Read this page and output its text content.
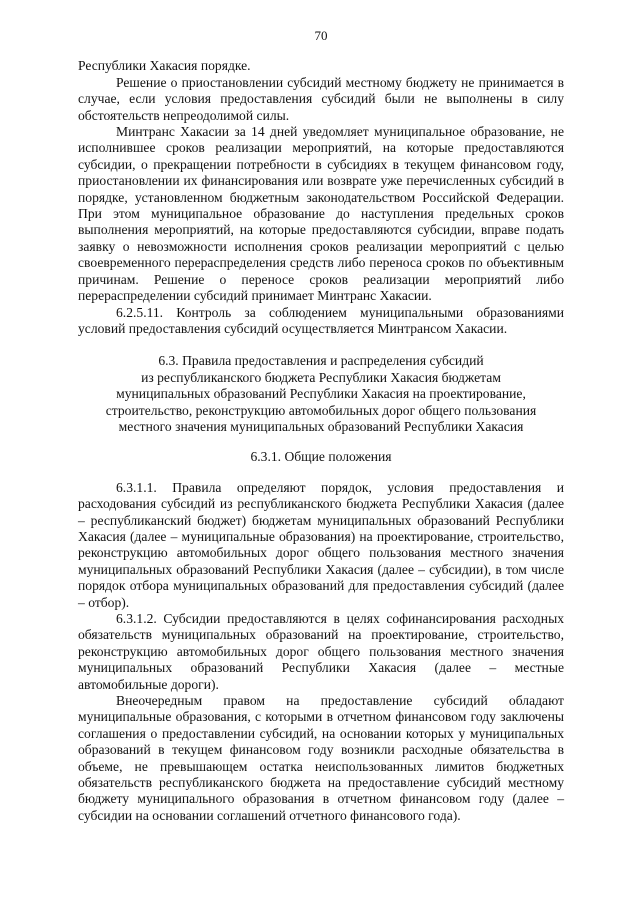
70

Республики Хакасия порядке.

Решение о приостановлении субсидий местному бюджету не принимается в случае, если условия предоставления субсидий были не выполнены в силу обстоятельств непреодолимой силы.

Минтранс Хакасии за 14 дней уведомляет муниципальное образование, не исполнившее сроков реализации мероприятий, на которые предоставляются субсидии, о прекращении потребности в субсидиях в текущем финансовом году, приостановлении их финансирования или возврате уже перечисленных субсидий в порядке, установленном бюджетным законодательством Российской Федерации. При этом муниципальное образование до наступления предельных сроков выполнения мероприятий, на которые предоставляются субсидии, вправе подать заявку о невозможности исполнения сроков реализации мероприятий с целью своевременного перераспределения средств либо переноса сроков по объективным причинам. Решение о переносе сроков реализации мероприятий либо перераспределении субсидий принимает Минтранс Хакасии.

6.2.5.11. Контроль за соблюдением муниципальными образованиями условий предоставления субсидий осуществляется Минтрансом Хакасии.

6.3. Правила предоставления и распределения субсидий
из республиканского бюджета Республики Хакасия бюджетам
муниципальных образований Республики Хакасия на проектирование,
строительство, реконструкцию автомобильных дорог общего пользования
местного значения муниципальных образований Республики Хакасия
6.3.1. Общие положения

6.3.1.1. Правила определяют порядок, условия предоставления и расходования субсидий из республиканского бюджета Республики Хакасия (далее – республиканский бюджет) бюджетам муниципальных образований Республики Хакасия (далее – муниципальные образования) на проектирование, строительство, реконструкцию автомобильных дорог общего пользования местного значения муниципальных образований Республики Хакасия (далее – субсидии), в том числе порядок отбора муниципальных образований для предоставления субсидий (далее – отбор).

6.3.1.2. Субсидии предоставляются в целях софинансирования расходных обязательств муниципальных образований на проектирование, строительство, реконструкцию автомобильных дорог общего пользования местного значения муниципальных образований Республики Хакасия (далее – местные автомобильные дороги).

Внеочередным правом на предоставление субсидий обладают муниципальные образования, с которыми в отчетном финансовом году заключены соглашения о предоставлении субсидий, на основании которых у муниципальных образований в текущем финансовом году возникли расходные обязательства в объеме, не превышающем остатка неиспользованных лимитов бюджетных обязательств республиканского бюджета на предоставление субсидий местному бюджету муниципального образования в отчетном финансовом году (далее – субсидии на основании соглашений отчетного финансового года).
